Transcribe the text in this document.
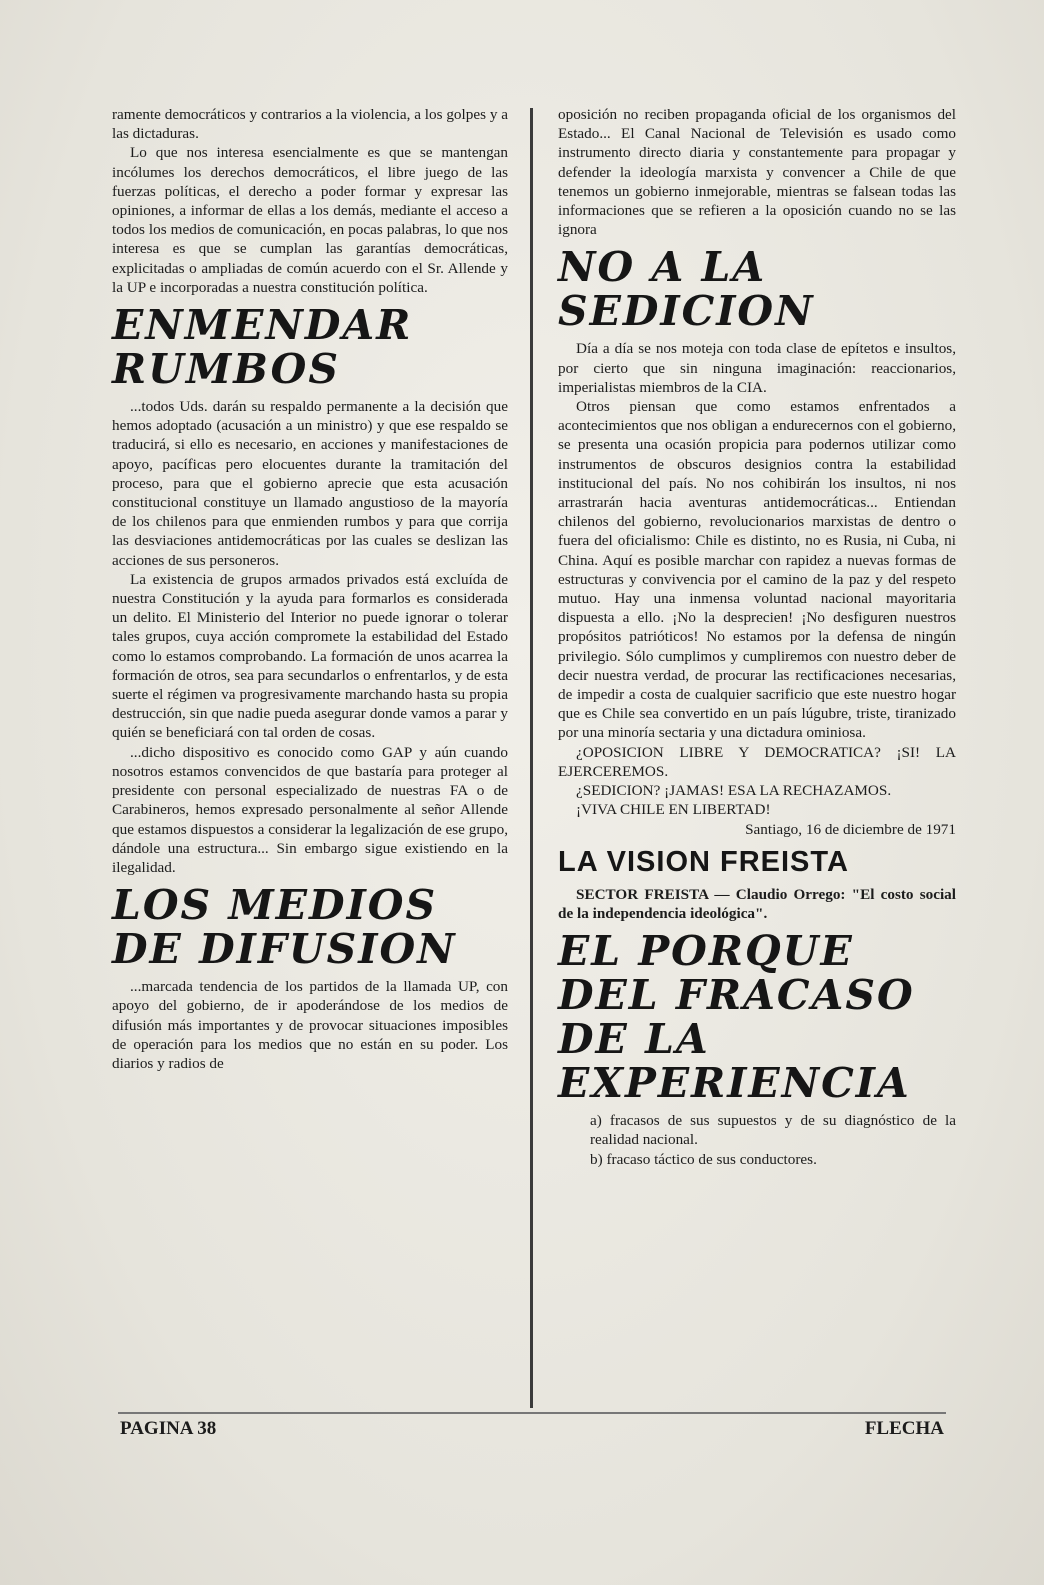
ramente democráticos y contrarios a la violencia, a los golpes y a las dictaduras.

Lo que nos interesa esencialmente es que se mantengan incólumes los derechos democráticos, el libre juego de las fuerzas políticas, el derecho a poder formar y expresar las opiniones, a informar de ellas a los demás, mediante el acceso a todos los medios de comunicación, en pocas palabras, lo que nos interesa es que se cumplan las garantías democráticas, explicitadas o ampliadas de común acuerdo con el Sr. Allende y la UP e incorporadas a nuestra constitución política.

ENMENDAR RUMBOS

...todos Uds. darán su respaldo permanente a la decisión que hemos adoptado (acusación a un ministro) y que ese respaldo se traducirá, si ello es necesario, en acciones y manifestaciones de apoyo, pacíficas pero elocuentes durante la tramitación del proceso, para que el gobierno aprecie que esta acusación constitucional constituye un llamado angustioso de la mayoría de los chilenos para que enmienden rumbos y para que corrija las desviaciones antidemocráticas por las cuales se deslizan las acciones de sus personeros.

La existencia de grupos armados privados está excluída de nuestra Constitución y la ayuda para formarlos es considerada un delito. El Ministerio del Interior no puede ignorar o tolerar tales grupos, cuya acción compromete la estabilidad del Estado como lo estamos comprobando. La formación de unos acarrea la formación de otros, sea para secundarlos o enfrentarlos, y de esta suerte el régimen va progresivamente marchando hasta su propia destrucción, sin que nadie pueda asegurar donde vamos a parar y quién se beneficiará con tal orden de cosas.

...dicho dispositivo es conocido como GAP y aún cuando nosotros estamos convencidos de que bastaría para proteger al presidente con personal especializado de nuestras FA o de Carabineros, hemos expresado personalmente al señor Allende que estamos dispuestos a considerar la legalización de ese grupo, dándole una estructura... Sin embargo sigue existiendo en la ilegalidad.

LOS MEDIOS DE DIFUSION

...marcada tendencia de los partidos de la llamada UP, con apoyo del gobierno, de ir apoderándose de los medios de difusión más importantes y de provocar situaciones imposibles de operación para los medios que no están en su poder. Los diarios y radios de

oposición no reciben propaganda oficial de los organismos del Estado... El Canal Nacional de Televisión es usado como instrumento directo diaria y constantemente para propagar y defender la ideología marxista y convencer a Chile de que tenemos un gobierno inmejorable, mientras se falsean todas las informaciones que se refieren a la oposición cuando no se las ignora

NO A LA SEDICION

Día a día se nos moteja con toda clase de epítetos e insultos, por cierto que sin ninguna imaginación: reaccionarios, imperialistas miembros de la CIA.

Otros piensan que como estamos enfrentados a acontecimientos que nos obligan a endurecernos con el gobierno, se presenta una ocasión propicia para podernos utilizar como instrumentos de obscuros designios contra la estabilidad institucional del país. No nos cohibirán los insultos, ni nos arrastrarán hacia aventuras antidemocráticas... Entiendan chilenos del gobierno, revolucionarios marxistas de dentro o fuera del oficialismo: Chile es distinto, no es Rusia, ni Cuba, ni China. Aquí es posible marchar con rapidez a nuevas formas de estructuras y convivencia por el camino de la paz y del respeto mutuo. Hay una inmensa voluntad nacional mayoritaria dispuesta a ello. ¡No la desprecien! ¡No desfiguren nuestros propósitos patrióticos! No estamos por la defensa de ningún privilegio. Sólo cumplimos y cumpliremos con nuestro deber de decir nuestra verdad, de procurar las rectificaciones necesarias, de impedir a costa de cualquier sacrificio que este nuestro hogar que es Chile sea convertido en un país lúgubre, triste, tiranizado por una minoría sectaria y una dictadura ominiosa.

¿OPOSICION LIBRE Y DEMOCRATICA? ¡SI! LA EJERCEREMOS.

¿SEDICION? ¡JAMAS! ESA LA RECHAZAMOS.

¡VIVA CHILE EN LIBERTAD!

Santiago, 16 de diciembre de 1971

LA VISION FREISTA

SECTOR FREISTA — Claudio Orrego: "El costo social de la independencia ideológica".

EL PORQUE DEL FRACASO DE LA EXPERIENCIA

a) fracasos de sus supuestos y de su diagnóstico de la realidad nacional.

b) fracaso táctico de sus conductores.

PAGINA 38	FLECHA
